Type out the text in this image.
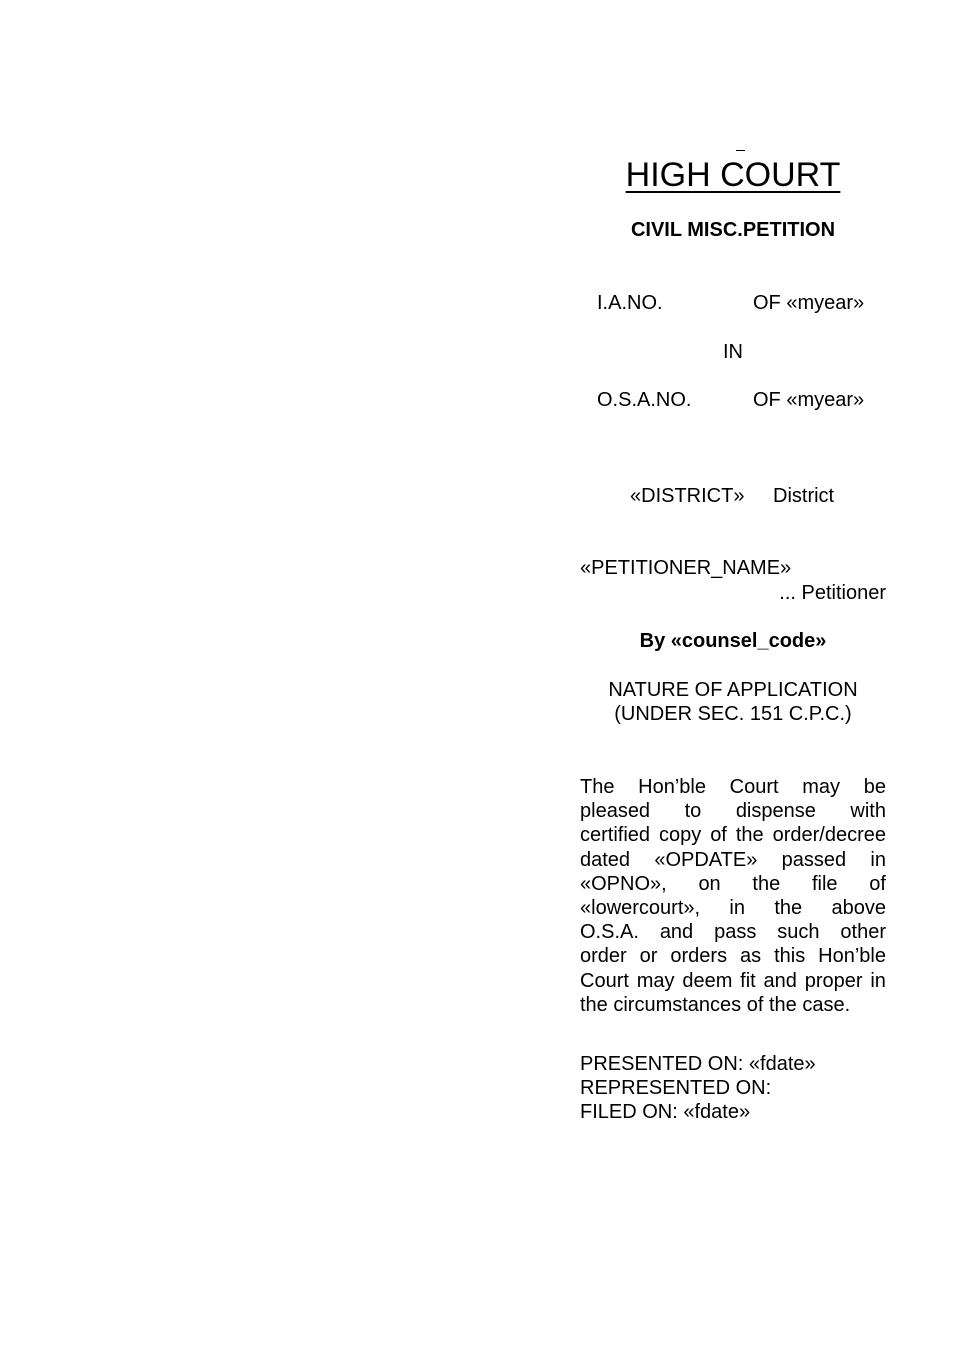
HIGH COURT
CIVIL MISC.PETITION
I.A.NO.	OF «myear»
IN
O.S.A.NO.	OF «myear»
«DISTRICT» District
«PETITIONER_NAME»
... Petitioner
By «counsel_code»
NATURE OF APPLICATION
(UNDER SEC. 151 C.P.C.)
The Hon’ble Court may be
pleased to dispense with
certified copy of the order/decree
dated «OPDATE» passed in
«OPNO», on the file of
«lowercourt», in the above
O.S.A. and pass such other
order or orders as this Hon’ble
Court may deem fit and proper in
the circumstances of the case.
PRESENTED ON: «fdate»
REPRESENTED ON:
FILED ON: «fdate»
